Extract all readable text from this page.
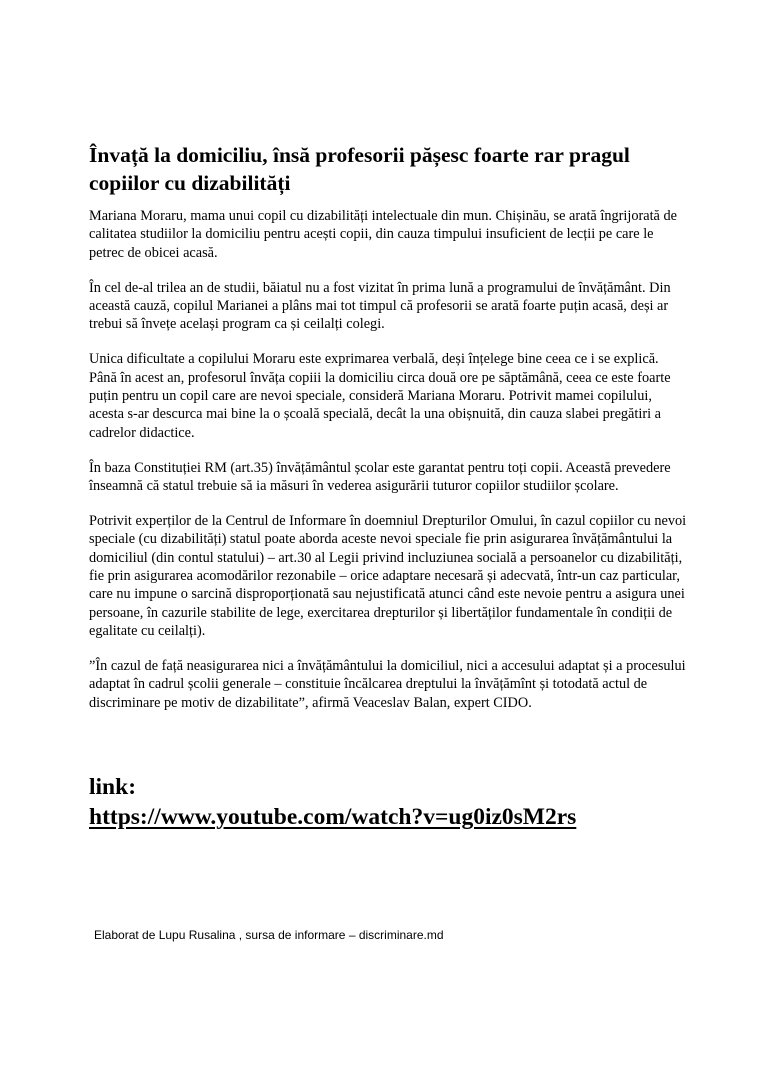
Învață la domiciliu, însă profesorii pășesc foarte rar pragul copiilor cu dizabilități

Mariana Moraru, mama unui copil cu dizabilități intelectuale din mun. Chișinău, se arată îngrijorată de calitatea studiilor la domiciliu pentru acești copii, din cauza timpului insuficient de lecții pe care le petrec de obicei acasă.

În cel de-al trilea an de studii, băiatul nu a fost vizitat în prima lună a programului de învățământ. Din această cauză, copilul Marianei a plâns mai tot timpul că profesorii se arată foarte puțin acasă, deși ar trebui să învețe același program ca și ceilalți colegi.

Unica dificultate a copilului Moraru este exprimarea verbală, deși înțelege bine ceea ce i se explică. Până în acest an, profesorul învăța copiii la domiciliu circa două ore pe săptămână, ceea ce este foarte puțin pentru un copil care are nevoi speciale, consideră Mariana Moraru. Potrivit mamei copilului, acesta s-ar descurca mai bine la o școală specială, decât la una obișnuită, din cauza slabei pregătiri a cadrelor didactice.

În baza Constituției RM (art.35) învățământul școlar este garantat pentru toți copii. Această prevedere înseamnă că statul trebuie să ia măsuri în vederea asigurării tuturor copiilor studiilor școlare.

Potrivit experților de la Centrul de Informare în doemniul Drepturilor Omului, în cazul copiilor cu nevoi speciale (cu dizabilități) statul poate aborda aceste nevoi speciale fie prin asigurarea învățământului la domiciliul (din contul statului) – art.30 al Legii privind incluziunea socială a persoanelor cu dizabilități, fie prin asigurarea acomodărilor rezonabile – orice adaptare necesară și adecvată, într-un caz particular, care nu impune o sarcină disproporționată sau nejustificată atunci când este nevoie pentru a asigura unei persoane, în cazurile stabilite de lege, exercitarea drepturilor și libertăților fundamentale în condiții de egalitate cu ceilalți).

”În cazul de față neasigurarea nici a învățământului la domiciliul, nici a accesului adaptat și a procesului adaptat în cadrul școlii generale – constituie încălcarea dreptului la învățămînt și totodată actul de discriminare pe motiv de dizabilitate”, afirmă Veaceslav Balan, expert CIDO.

link:
https://www.youtube.com/watch?v=ug0iz0sM2rs
Elaborat de Lupu Rusalina , sursa de informare – discriminare.md
